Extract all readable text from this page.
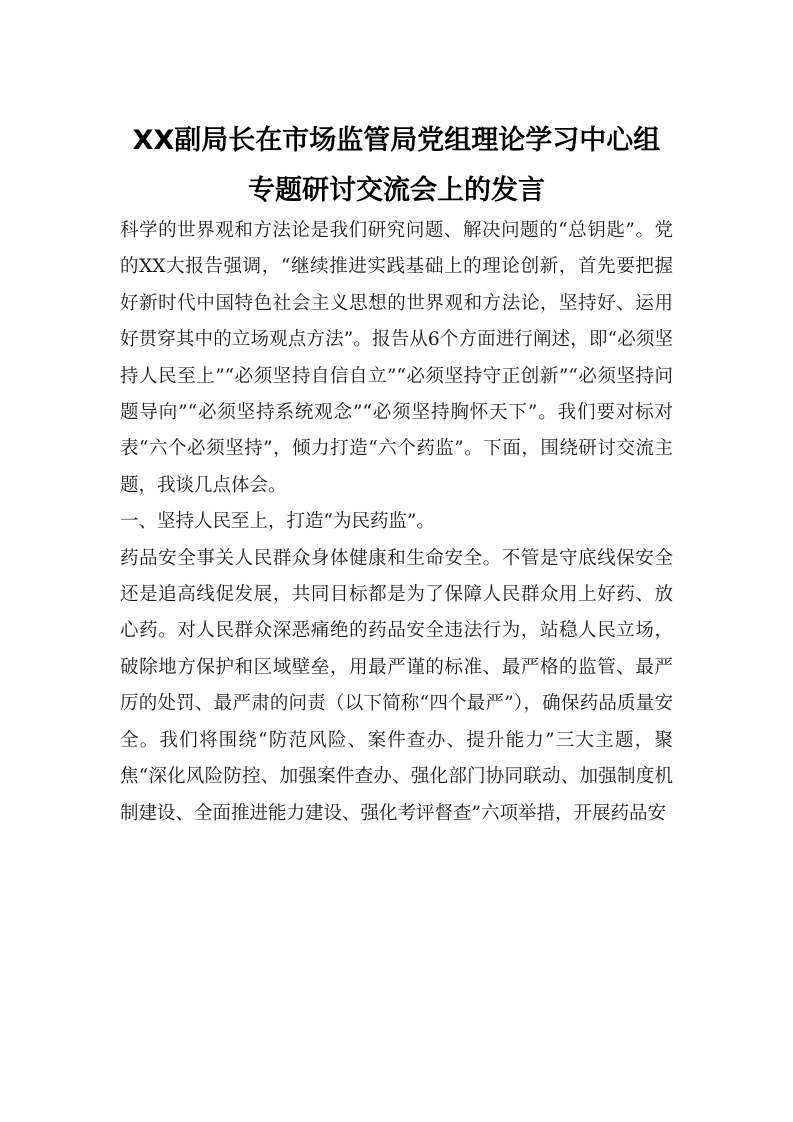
XX副局长在市场监管局党组理论学习中心组专题研讨交流会上的发言

科学的世界观和方法论是我们研究问题、解决问题的“总钥匙”。党的XX大报告强调，“继续推进实践基础上的理论创新，首先要把握好新时代中国特色社会主义思想的世界观和方法论，坚持好、运用好贯穿其中的立场观点方法”。报告从6个方面进行阐述，即“必须坚持人民至上”“必须坚持自信自立”“必须坚持守正创新”“必须坚持问题导向”“必须坚持系统观念”“必须坚持胸怀天下”。我们要对标对表“六个必须坚持”，倾力打造“六个药监”。下面，围绕研讨交流主题，我谈几点体会。

一、坚持人民至上，打造“为民药监”。

药品安全事关人民群众身体健康和生命安全。不管是守底线保安全还是追高线促发展，共同目标都是为了保障人民群众用上好药、放心药。对人民群众深恶痛绝的药品安全违法行为，站稳人民立场，破除地方保护和区域壁垒，用最严谨的标准、最严格的监管、最严厉的处罚、最严肃的问责（以下简称“四个最严”），确保药品质量安全。我们将围绕“防范风险、案件查办、提升能力”三大主题，聚焦“深化风险防控、加强案件查办、强化部门协同联动、加强制度机制建设、全面推进能力建设、强化考评督查”六项举措，开展药品安
